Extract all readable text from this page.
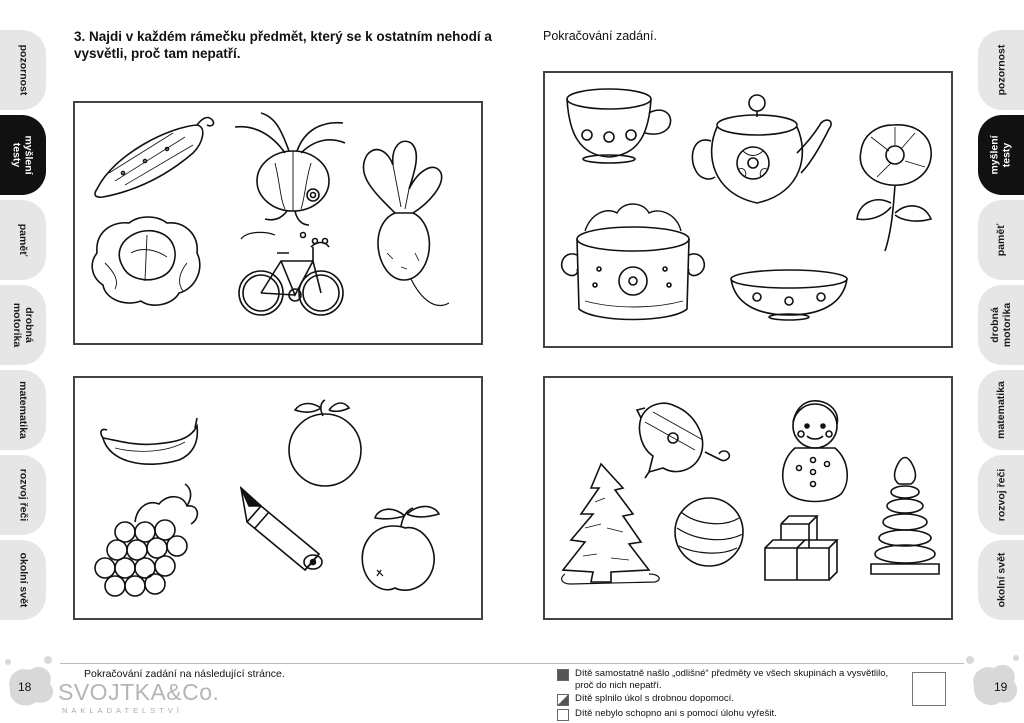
pozornost
myšlení
testy
paměť
drobná
motorika
matematika
rozvoj řeči
okolní svět
pozornost
myšlení
testy
paměť
drobná
motorika
matematika
rozvoj řeči
okolní svět
3. Najdi v každém rámečku předmět, který se k ostatním nehodí a vysvětli, proč tam nepatří.
Pokračování zadání.
18	19
Pokračování zadání na následující stránce.
SVOJTKA&Co.
NAKLADATELSTVÍ
Dítě samostatně našlo „odlišné“ předměty ve všech skupinách a vysvětlilo, proč do nich nepatří.
Dítě splnilo úkol s drobnou dopomocí.
Dítě nebylo schopno ani s pomocí úlohu vyřešit.
